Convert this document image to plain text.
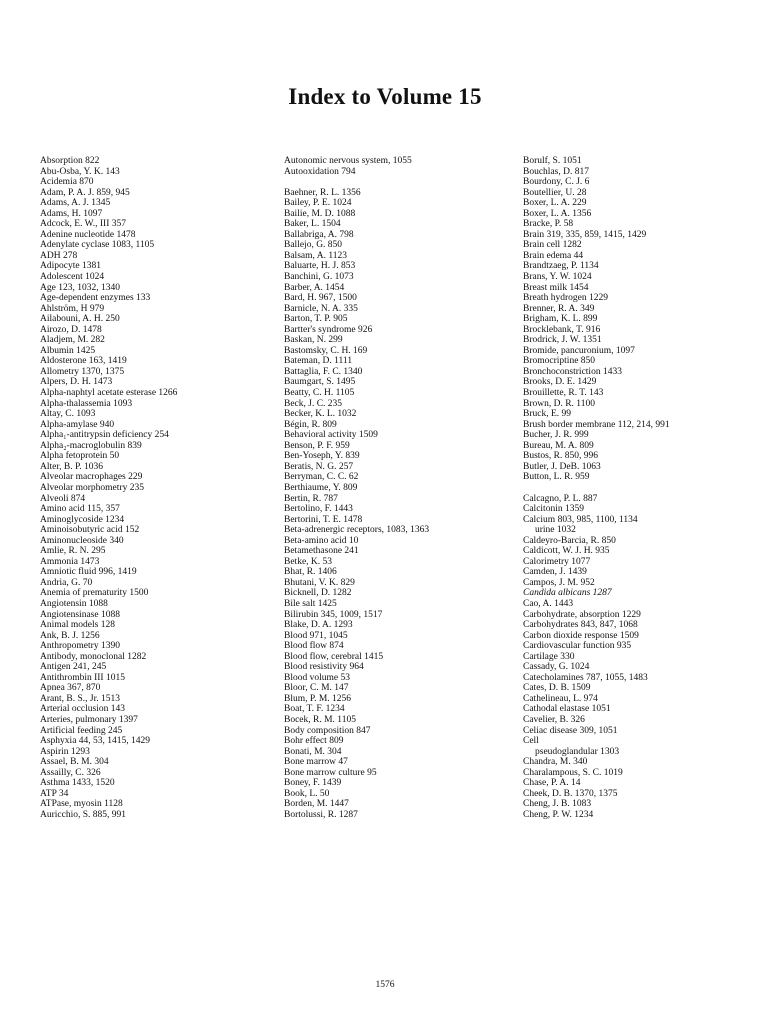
Index to Volume 15
Absorption 822
Abu-Osba, Y. K. 143
Acidemia 870
Adam, P. A. J. 859, 945
Adams, A. J. 1345
Adams, H. 1097
Adcock, E. W., III 357
Adenine nucleotide 1478
Adenylate cyclase 1083, 1105
ADH 278
Adipocyte 1381
Adolescent 1024
Age 123, 1032, 1340
Age-dependent enzymes 133
Ahlström, H 979
Ailabouni, A. H. 250
Airozo, D. 1478
Aladjem, M. 282
Albumin 1425
Aldosterone 163, 1419
Allometry 1370, 1375
Alpers, D. H. 1473
Alpha-naphtyl acetate esterase 1266
Alpha-thalassemia 1093
Altay, C. 1093
Alpha-amylase 940
Alpha₁-antitrypsin deficiency 254
Alpha₂-macroglobulin 839
Alpha fetoprotein 50
Alter, B. P. 1036
Alveolar macrophages 229
Alveolar morphometry 235
Alveoli 874
Amino acid 115, 357
Aminoglycoside 1234
Aminoisobutyric acid 152
Aminonucleoside 340
Amlie, R. N. 295
Ammonia 1473
Amniotic fluid 996, 1419
Andria, G. 70
Anemia of prematurity 1500
Angiotensin 1088
Angiotensinase 1088
Animal models 128
Ank, B. J. 1256
Anthropometry 1390
Antibody, monoclonal 1282
Antigen 241, 245
Antithrombin III 1015
Apnea 367, 870
Arant, B. S., Jr. 1513
Arterial occlusion 143
Arteries, pulmonary 1397
Artificial feeding 245
Asphyxia 44, 53, 1415, 1429
Aspirin 1293
Assael, B. M. 304
Assailly, C. 326
Asthma 1433, 1520
ATP 34
ATPase, myosin 1128
Auricchio, S. 885, 991
Autonomic nervous system, 1055
Autooxidation 794
Baehner, R. L. 1356
Bailey, P. E. 1024
Bailie, M. D. 1088
Baker, L. 1504
Ballabriga, A. 798
Ballejo, G. 850
Balsam, A. 1123
Baluarte, H. J. 853
Banchini, G. 1073
Barber, A. 1454
Bard, H. 967, 1500
Barnicle, N. A. 335
Barton, T. P. 905
Bartter's syndrome 926
Baskan, N. 299
Bastomsky, C. H. 169
Bateman, D. 1111
Battaglia, F. C. 1340
Baumgart, S. 1495
Beatty, C. H. 1105
Beck, J. C. 235
Becker, K. L. 1032
Bégin, R. 809
Behavioral activity 1509
Benson, P. F. 959
Ben-Yoseph, Y. 839
Beratis, N. G. 257
Berryman, C. C. 62
Berthiaume, Y. 809
Bertin, R. 787
Bertolino, F. 1443
Bertorini, T. E. 1478
Beta-adrenergic receptors, 1083, 1363
Beta-amino acid 10
Betamethasone 241
Betke, K. 53
Bhat, R. 1406
Bhutani, V. K. 829
Bicknell, D. 1282
Bile salt 1425
Bilirubin 345, 1009, 1517
Blake, D. A. 1293
Blood 971, 1045
Blood flow 874
Blood flow, cerebral 1415
Blood resistivity 964
Blood volume 53
Bloor, C. M. 147
Blum, P. M. 1256
Boat, T. F. 1234
Bocek, R. M. 1105
Body composition 847
Bohr effect 809
Bonati, M. 304
Bone marrow 47
Bone marrow culture 95
Boney, F. 1439
Book, L. 50
Borden, M. 1447
Bortolussi, R. 1287
Borulf, S. 1051
Bouchlas, D. 817
Bourdony, C. J. 6
Boutellier, U. 28
Boxer, L. A. 229
Boxer, L. A. 1356
Bracke, P. 58
Brain 319, 335, 859, 1415, 1429
Brain cell 1282
Brain edema 44
Brandtzaeg, P. 1134
Brans, Y. W. 1024
Breast milk 1454
Breath hydrogen 1229
Brenner, R. A. 349
Brigham, K. L. 899
Brocklebank, T. 916
Brodrick, J. W. 1351
Bromide, pancuronium, 1097
Bromocriptine 850
Bronchoconstriction 1433
Brooks, D. E. 1429
Brouillette, R. T. 143
Brown, D. R. 1100
Bruck, E. 99
Brush border membrane 112, 214, 991
Bucher, J. R. 999
Bureau, M. A. 809
Bustos, R. 850, 996
Butler, J. DeB. 1063
Button, L. R. 959
Calcagno, P. L. 887
Calcitonin 1359
Calcium 803, 985, 1100, 1134
urine 1032
Caldeyro-Barcia, R. 850
Caldicott, W. J. H. 935
Calorimetry 1077
Camden, J. 1439
Campos, J. M. 952
Candida albicans 1287
Cao, A. 1443
Carbohydrate, absorption 1229
Carbohydrates 843, 847, 1068
Carbon dioxide response 1509
Cardiovascular function 935
Cartilage 330
Cassady, G. 1024
Catecholamines 787, 1055, 1483
Cates, D. B. 1509
Cathelineau, L. 974
Cathodal elastase 1051
Cavelier, B. 326
Celiac disease 309, 1051
Cell
pseudoglandular 1303
Chandra, M. 340
Charalampous, S. C. 1019
Chase, P. A. 14
Cheek, D. B. 1370, 1375
Cheng, J. B. 1083
Cheng, P. W. 1234
1576
